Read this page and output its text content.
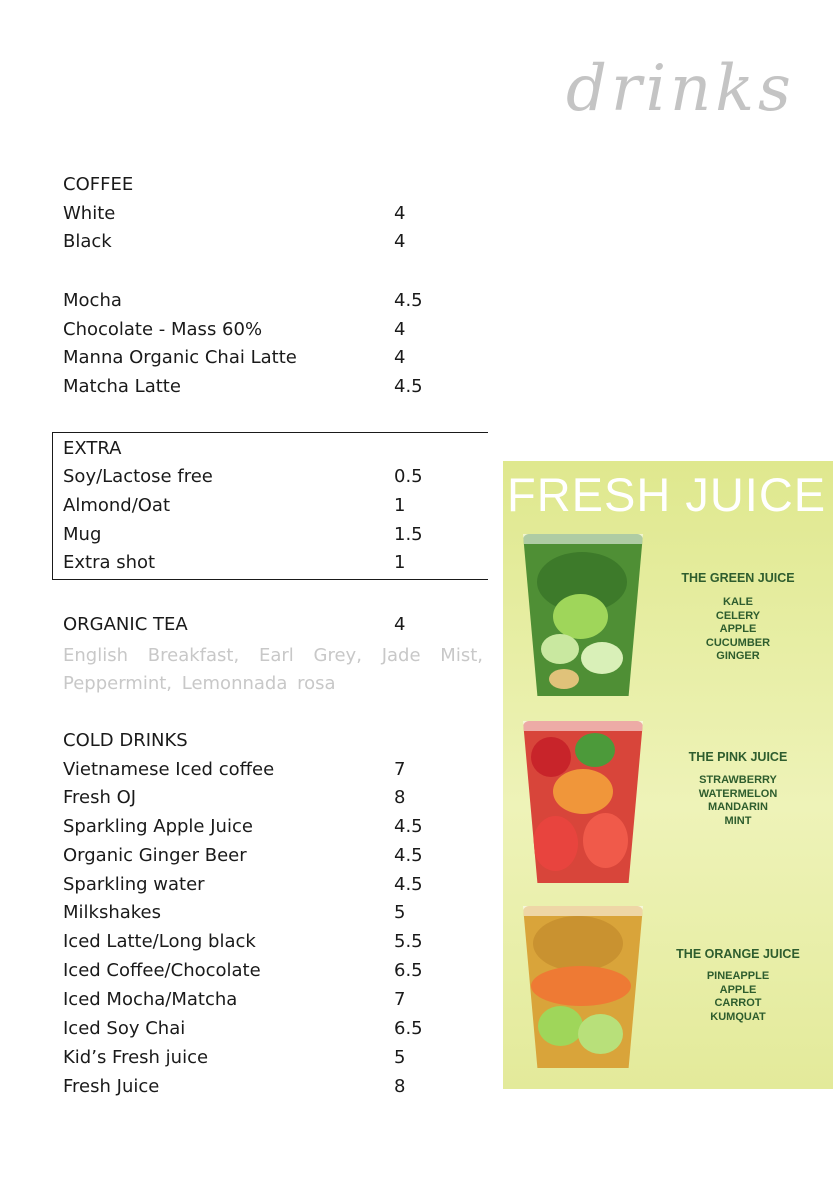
drinks
COFFEE
White	4
Black	4
Mocha	4.5
Chocolate - Mass 60%	4
Manna Organic Chai Latte	4
Matcha Latte	4.5
EXTRA
Soy/Lactose free	0.5
Almond/Oat	1
Mug	1.5
Extra shot	1
ORGANIC TEA	4
English Breakfast, Earl Grey, Jade Mist, Peppermint, Lemonnada rosa
COLD DRINKS
Vietnamese Iced coffee	7
Fresh OJ	8
Sparkling Apple Juice	4.5
Organic Ginger Beer	4.5
Sparkling water	4.5
Milkshakes	5
Iced Latte/Long black	5.5
Iced Coffee/Chocolate	6.5
Iced Mocha/Matcha	7
Iced Soy Chai	6.5
Kid’s Fresh juice	5
Fresh Juice	8
FRESH JUICE
THE GREEN JUICE
KALE
CELERY
APPLE
CUCUMBER
GINGER
THE PINK JUICE
STRAWBERRY
WATERMELON
MANDARIN
MINT
THE ORANGE JUICE
PINEAPPLE
APPLE
CARROT
KUMQUAT
